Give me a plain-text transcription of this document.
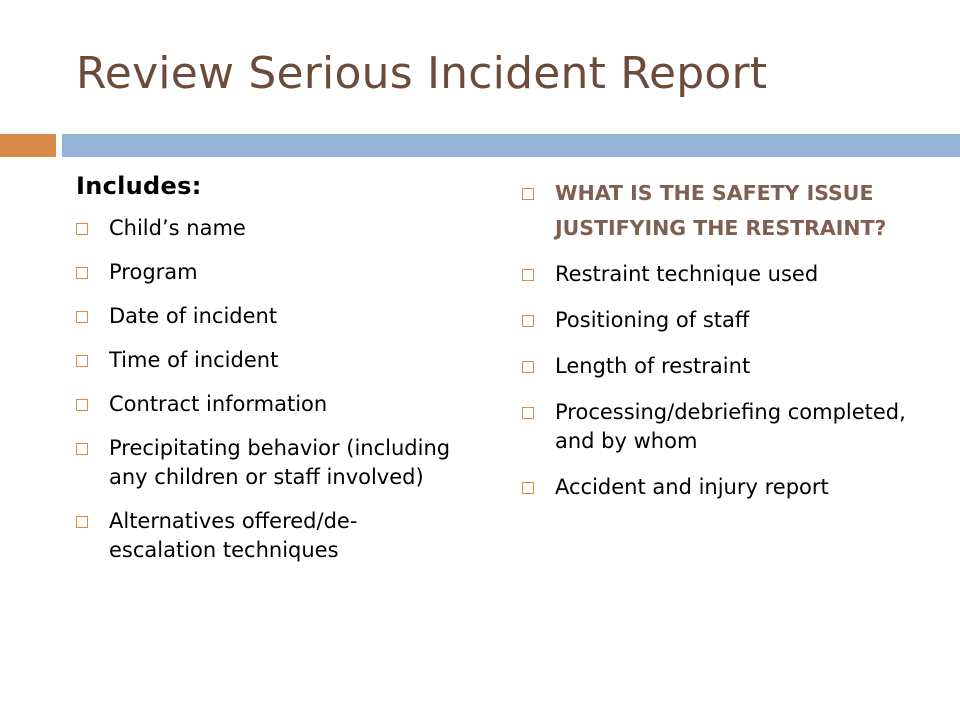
Review Serious Incident Report
Includes:
Child’s name
Program
Date of incident
Time of incident
Contract information
Precipitating behavior (including any children or staff involved)
Alternatives offered/de-escalation techniques
WHAT IS THE SAFETY ISSUE JUSTIFYING THE RESTRAINT?
Restraint technique used
Positioning of staff
Length of restraint
Processing/debriefing completed, and by whom
Accident and injury report
